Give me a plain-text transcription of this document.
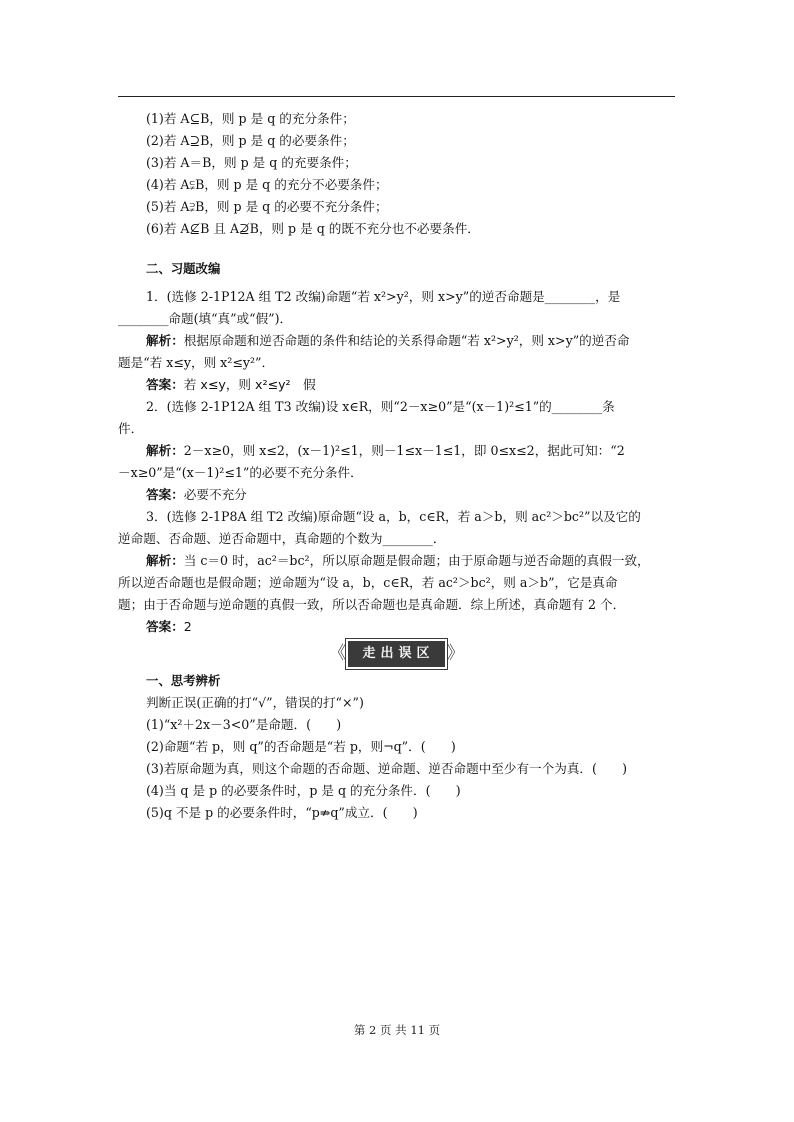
(1)若 A⊆B，则 p 是 q 的充分条件；
(2)若 A⊇B，则 p 是 q 的必要条件；
(3)若 A＝B，则 p 是 q 的充要条件；
(4)若 A⫋B，则 p 是 q 的充分不必要条件；
(5)若 A⫌B，则 p 是 q 的必要不充分条件；
(6)若 A⊈B 且 A⊉B，则 p 是 q 的既不充分也不必要条件．
二、习题改编
1．(选修 2-1P12A 组 T2 改编)命题“若 x²>y²，则 x>y”的逆否命题是________，是
________命题(填“真”或“假”)．
解析：根据原命题和逆否命题的条件和结论的关系得命题“若 x²>y²，则 x>y”的逆否命
题是“若 x≤y，则 x²≤y²”．
答案：若 x≤y，则 x²≤y²　假
2．(选修 2-1P12A 组 T3 改编)设 x∈R，则“2－x≥0”是“(x－1)²≤1”的________条
件．
解析：2－x≥0，则 x≤2，(x－1)²≤1，则－1≤x－1≤1，即 0≤x≤2，据此可知：“2
－x≥0”是“(x－1)²≤1”的必要不充分条件．
答案：必要不充分
3．(选修 2-1P8A 组 T2 改编)原命题“设 a，b，c∈R，若 a＞b，则 ac²＞bc²”以及它的
逆命题、否命题、逆否命题中，真命题的个数为________．
解析：当 c＝0 时，ac²＝bc²，所以原命题是假命题；由于原命题与逆否命题的真假一致，
所以逆否命题也是假命题；逆命题为“设 a，b，c∈R，若 ac²＞bc²，则 a＞b”，它是真命
题；由于否命题与逆命题的真假一致，所以否命题也是真命题．综上所述，真命题有 2 个．
答案：2
《	走出误区 》
一、思考辨析
判断正误(正确的打“√”，错误的打“×”)
(1)“x²＋2x－3<0”是命题．(　　)
(2)命题“若 p，则 q”的否命题是“若 p，则¬q”．(　　)
(3)若原命题为真，则这个命题的否命题、逆命题、逆否命题中至少有一个为真．(　　)
(4)当 q 是 p 的必要条件时，p 是 q 的充分条件．(　　)
(5)q 不是 p 的必要条件时，“p⇏q”成立．(　　)
第 2 页 共 11 页
